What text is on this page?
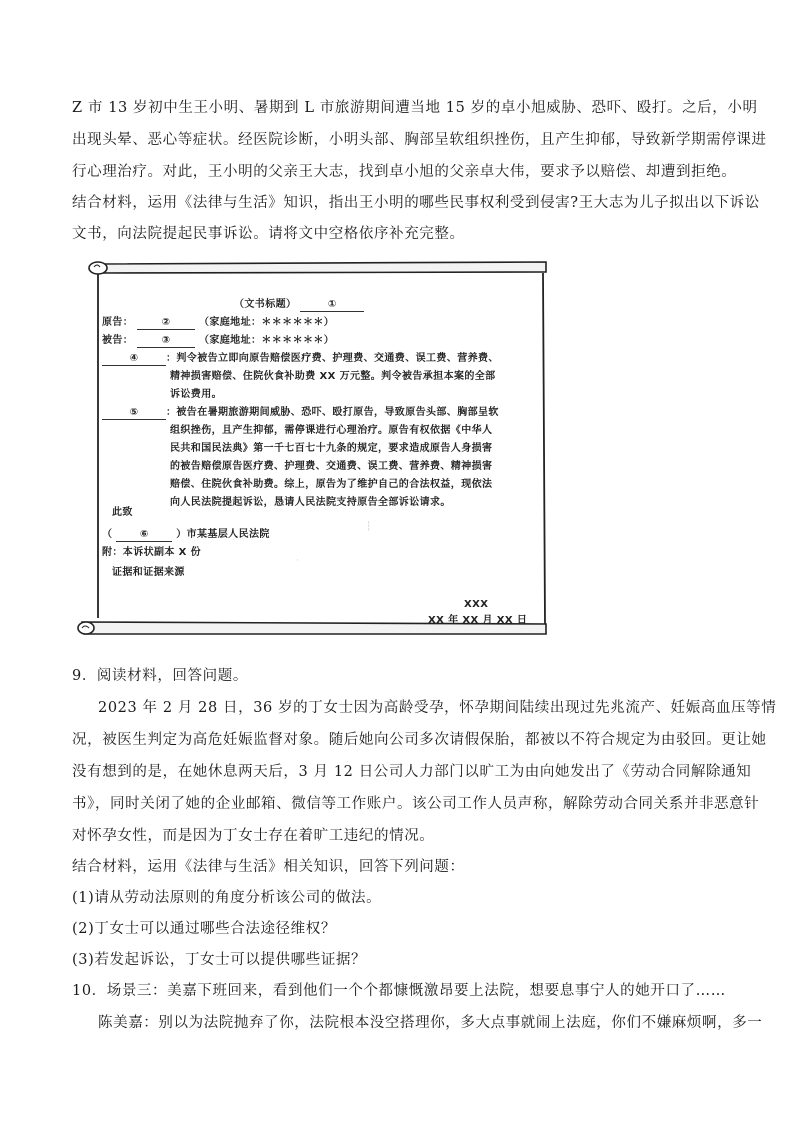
Z 市 13 岁初中生王小明、暑期到 L 市旅游期间遭当地 15 岁的卓小旭威胁、恐吓、殴打。之后，小明
出现头晕、恶心等症状。经医院诊断，小明头部、胸部呈软组织挫伤，且产生抑郁，导致新学期需停课进
行心理治疗。对此，王小明的父亲王大志，找到卓小旭的父亲卓大伟，要求予以赔偿、却遭到拒绝。
结合材料，运用《法律与生活》知识，指出王小明的哪些民事权利受到侵害?王大志为儿子拟出以下诉讼
文书，向法院提起民事诉讼。请将文中空格依序补充完整。
┆
·
（文书标题）	①
原告：	②	（家庭地址：＊＊＊＊＊＊）
被告：	③	（家庭地址：＊＊＊＊＊＊）
④	：判令被告立即向原告赔偿医疗费、护理费、交通费、误工费、营养费、
精神损害赔偿、住院伙食补助费 XX 万元整。判令被告承担本案的全部
诉讼费用。
⑤	：被告在暑期旅游期间威胁、恐吓、殴打原告，导致原告头部、胸部呈软
组织挫伤，且产生抑郁，需停课进行心理治疗。原告有权依据《中华人
民共和国民法典》第一千七百七十九条的规定，要求造成原告人身损害
的被告赔偿原告医疗费、护理费、交通费、误工费、营养费、精神损害
赔偿、住院伙食补助费。综上，原告为了维护自己的合法权益，现依法
向人民法院提起诉讼，恳请人民法院支持原告全部诉讼请求。
此致
（	⑥	）市某基层人民法院
附：本诉状副本 X 份
证据和证据来源
XXX
XX 年 XX 月 XX 日
9．阅读材料，回答问题。
2023 年 2 月 28 日，36 岁的丁女士因为高龄受孕，怀孕期间陆续出现过先兆流产、妊娠高血压等情
况，被医生判定为高危妊娠监督对象。随后她向公司多次请假保胎，都被以不符合规定为由驳回。更让她
没有想到的是，在她休息两天后，3 月 12 日公司人力部门以旷工为由向她发出了《劳动合同解除通知
书》，同时关闭了她的企业邮箱、微信等工作账户。该公司工作人员声称，解除劳动合同关系并非恶意针
对怀孕女性，而是因为丁女士存在着旷工违纪的情况。
结合材料，运用《法律与生活》相关知识，回答下列问题：
(1)请从劳动法原则的角度分析该公司的做法。
(2)丁女士可以通过哪些合法途径维权？
(3)若发起诉讼，丁女士可以提供哪些证据？
10．场景三：美嘉下班回来，看到他们一个个都慷慨激昂要上法院，想要息事宁人的她开口了……
陈美嘉：别以为法院抛弃了你，法院根本没空搭理你，多大点事就闹上法庭，你们不嫌麻烦啊，多一
